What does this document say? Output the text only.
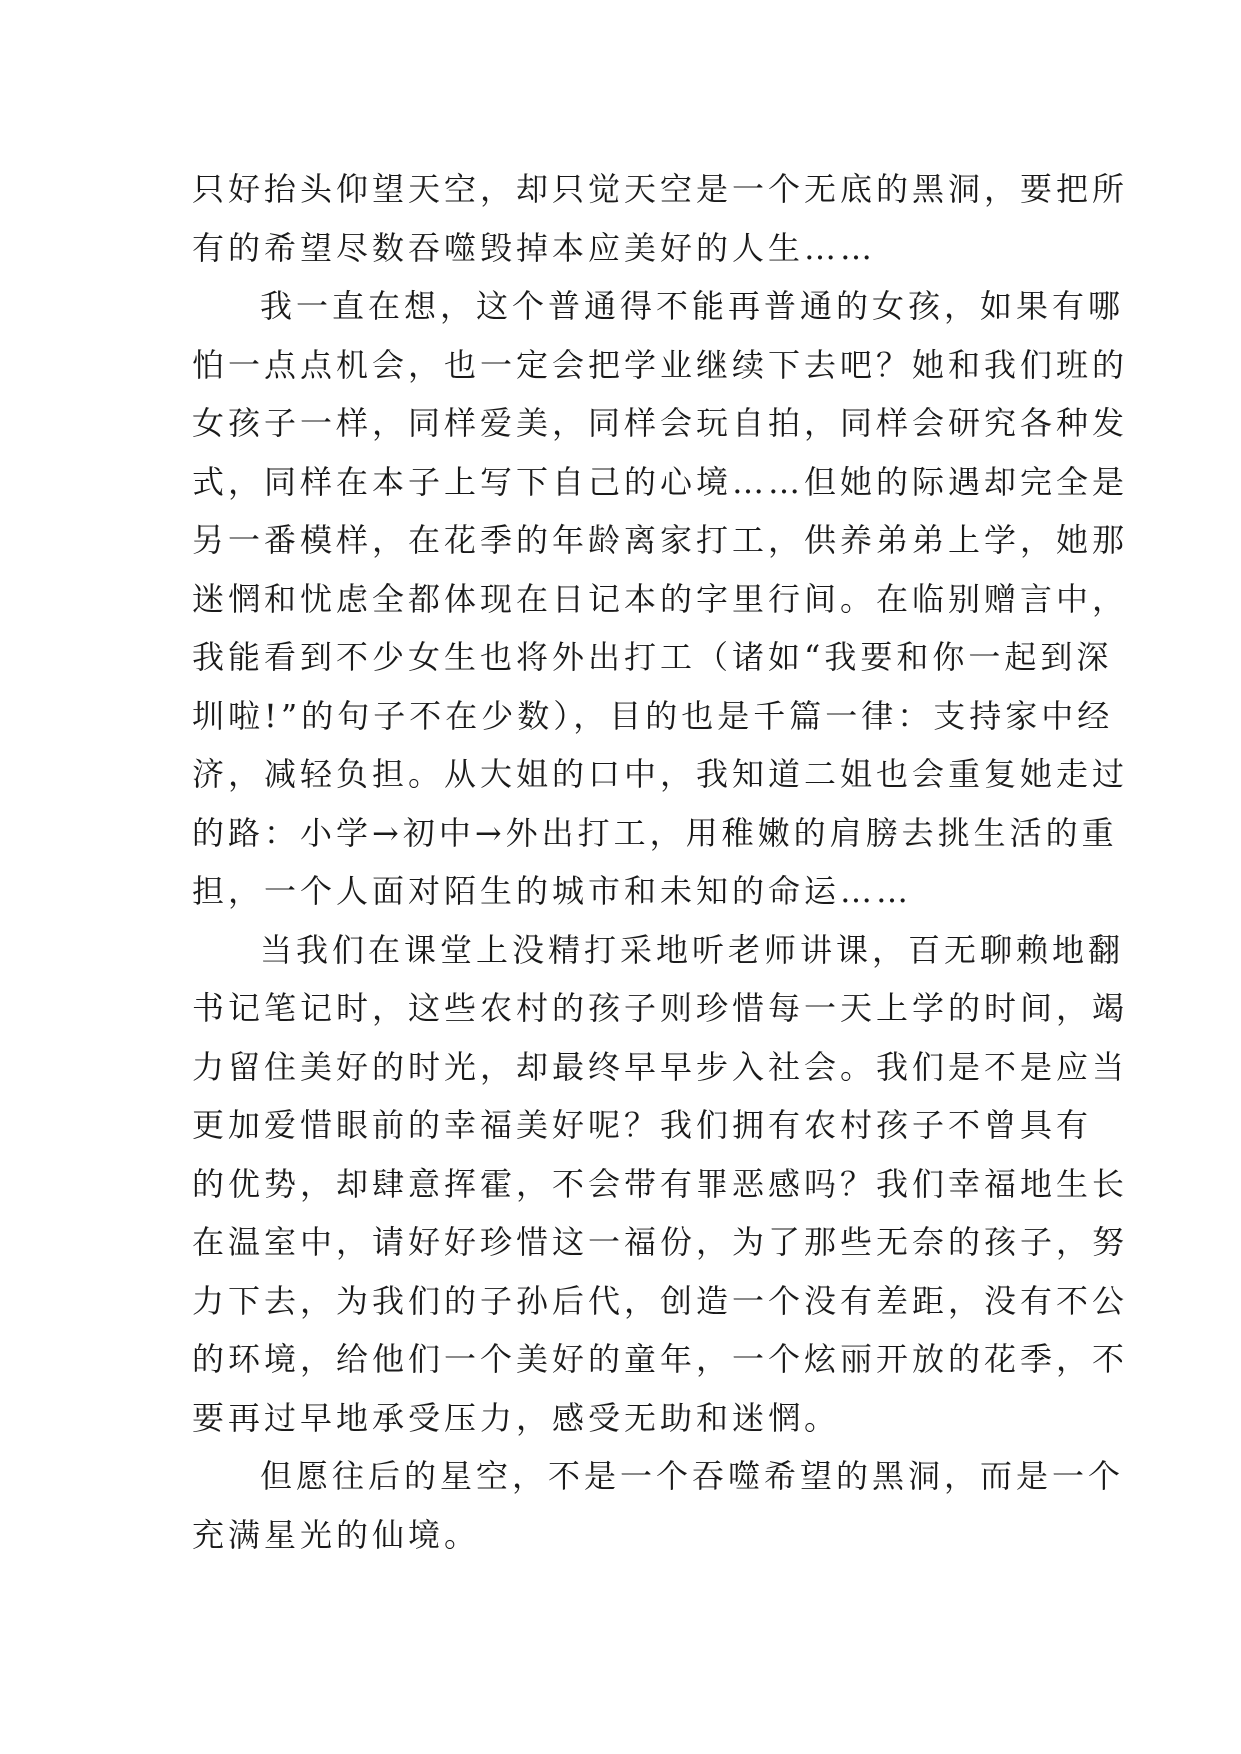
只好抬头仰望天空，却只觉天空是一个无底的黑洞，要把所
有的希望尽数吞噬毁掉本应美好的人生……
我一直在想，这个普通得不能再普通的女孩，如果有哪
怕一点点机会，也一定会把学业继续下去吧？她和我们班的
女孩子一样，同样爱美，同样会玩自拍，同样会研究各种发
式，同样在本子上写下自己的心境……但她的际遇却完全是
另一番模样，在花季的年龄离家打工，供养弟弟上学，她那
迷惘和忧虑全都体现在日记本的字里行间。在临别赠言中，
我能看到不少女生也将外出打工（诸如“我要和你一起到深
圳啦!”的句子不在少数），目的也是千篇一律：支持家中经
济，减轻负担。从大姐的口中，我知道二姐也会重复她走过
的路：小学→初中→外出打工，用稚嫩的肩膀去挑生活的重
担，一个人面对陌生的城市和未知的命运……
当我们在课堂上没精打采地听老师讲课，百无聊赖地翻
书记笔记时，这些农村的孩子则珍惜每一天上学的时间，竭
力留住美好的时光，却最终早早步入社会。我们是不是应当
更加爱惜眼前的幸福美好呢？我们拥有农村孩子不曾具有
的优势，却肆意挥霍，不会带有罪恶感吗？我们幸福地生长
在温室中，请好好珍惜这一福份，为了那些无奈的孩子，努
力下去，为我们的子孙后代，创造一个没有差距，没有不公
的环境，给他们一个美好的童年，一个炫丽开放的花季，不
要再过早地承受压力，感受无助和迷惘。
但愿往后的星空，不是一个吞噬希望的黑洞，而是一个
充满星光的仙境。
